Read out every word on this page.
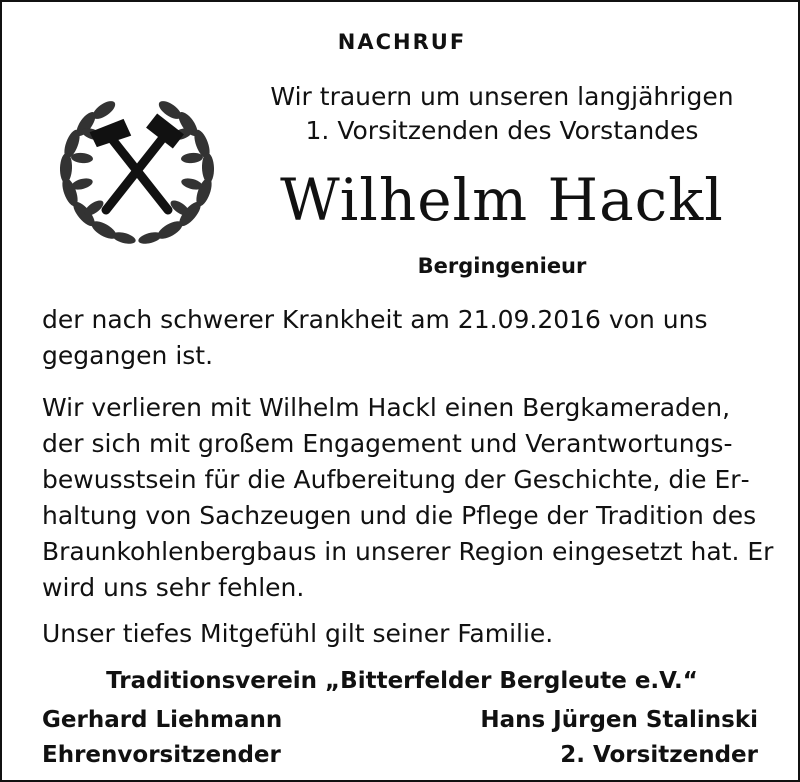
NACHRUF
Wir trauern um unseren langjährigen
1. Vorsitzenden des Vorstandes
Wilhelm Hackl
Bergingenieur
der nach schwerer Krankheit am 21.09.2016 von uns gegangen ist.
Wir verlieren mit Wilhelm Hackl einen Bergkameraden, der sich mit großem Engagement und Verantwortungsbewusstsein für die Aufbereitung der Geschichte, die Erhaltung von Sachzeugen und die Pflege der Tradition des Braunkohlenbergbaus in unserer Region eingesetzt hat. Er wird uns sehr fehlen.
Unser tiefes Mitgefühl gilt seiner Familie.
Traditionsverein „Bitterfelder Bergleute e.V.“
Gerhard Liehmann
Ehrenvorsitzender
Hans Jürgen Stalinski
2. Vorsitzender
